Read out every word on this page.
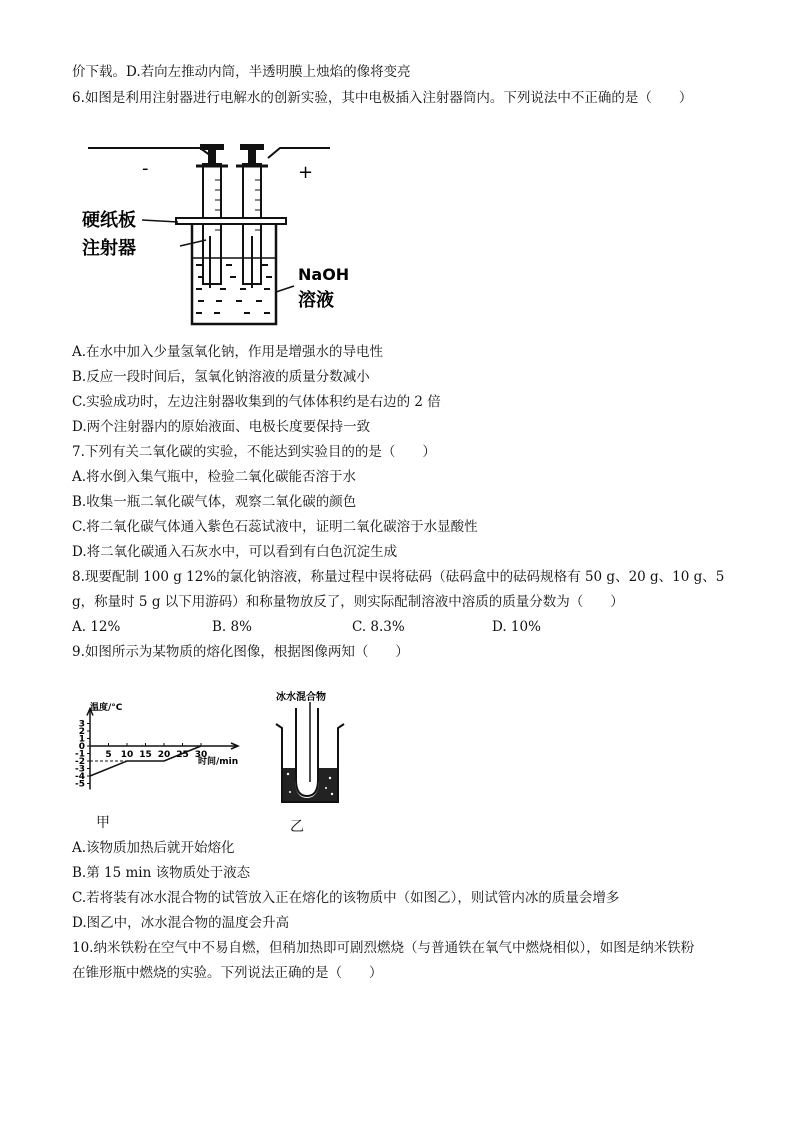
价下载。D.若向左推动内筒，半透明膜上烛焰的像将变亮
6.如图是利用注射器进行电解水的创新实验，其中电极插入注射器筒内。下列说法中不正确的是（　　）
-	+
硬纸板
注射器
NaOH
溶液
A.在水中加入少量氢氧化钠，作用是增强水的导电性
B.反应一段时间后，氢氧化钠溶液的质量分数减小
C.实验成功时，左边注射器收集到的气体体积约是右边的 2 倍
D.两个注射器内的原始液面、电极长度要保持一致
7.下列有关二氧化碳的实验，不能达到实验目的的是（　　）
A.将水倒入集气瓶中，检验二氧化碳能否溶于水
B.收集一瓶二氧化碳气体，观察二氧化碳的颜色
C.将二氧化碳气体通入紫色石蕊试液中，证明二氧化碳溶于水显酸性
D.将二氧化碳通入石灰水中，可以看到有白色沉淀生成
8.现要配制 100 g 12%的氯化钠溶液，称量过程中误将砝码（砝码盒中的砝码规格有 50 g、20 g、10 g、5
g，称量时 5 g 以下用游码）和称量物放反了，则实际配制溶液中溶质的质量分数为（　　）
A. 12%	B. 8%	C. 8.3%	D. 10%
9.如图所示为某物质的熔化图像，根据图像两知（　　）
3
2
1
0
-1
-2
-3
-4
-5
5 10 15 20 25 30
温度/°C
时间/min
冰水混合物
甲	乙
A.该物质加热后就开始熔化
B.第 15 min 该物质处于液态
C.若将装有冰水混合物的试管放入正在熔化的该物质中（如图乙），则试管内冰的质量会增多
D.图乙中，冰水混合物的温度会升高
10.纳米铁粉在空气中不易自燃，但稍加热即可剧烈燃烧（与普通铁在氧气中燃烧相似），如图是纳米铁粉
在锥形瓶中燃烧的实验。下列说法正确的是（　　）
